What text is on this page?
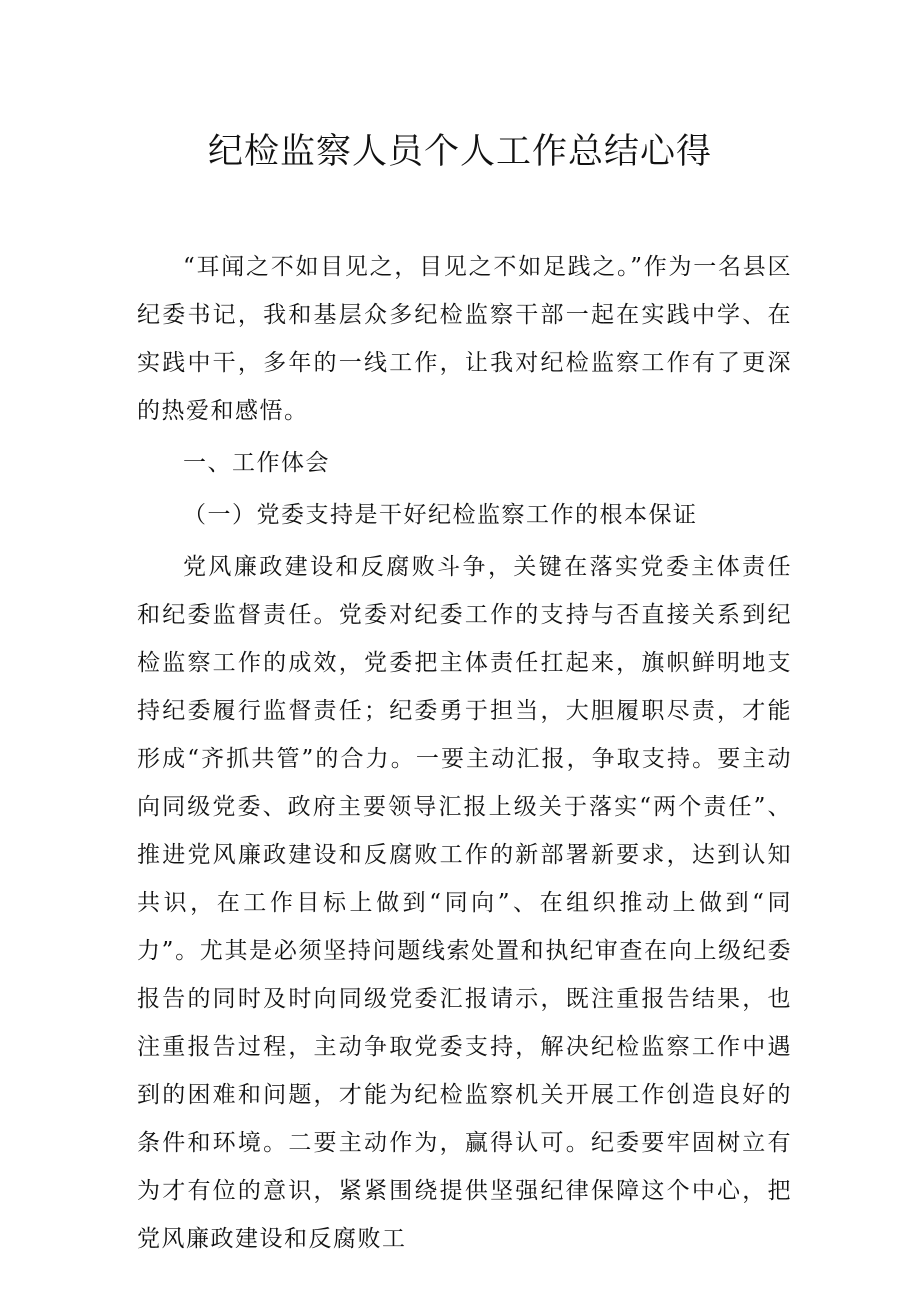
纪检监察人员个人工作总结心得

“耳闻之不如目见之，目见之不如足践之。”作为一名县区纪委书记，我和基层众多纪检监察干部一起在实践中学、在实践中干，多年的一线工作，让我对纪检监察工作有了更深的热爱和感悟。

一、工作体会

（一）党委支持是干好纪检监察工作的根本保证

党风廉政建设和反腐败斗争，关键在落实党委主体责任和纪委监督责任。党委对纪委工作的支持与否直接关系到纪检监察工作的成效，党委把主体责任扛起来，旗帜鲜明地支持纪委履行监督责任；纪委勇于担当，大胆履职尽责，才能形成“齐抓共管”的合力。一要主动汇报，争取支持。要主动向同级党委、政府主要领导汇报上级关于落实“两个责任”、推进党风廉政建设和反腐败工作的新部署新要求，达到认知共识，在工作目标上做到“同向”、在组织推动上做到“同力”。尤其是必须坚持问题线索处置和执纪审查在向上级纪委报告的同时及时向同级党委汇报请示，既注重报告结果，也注重报告过程，主动争取党委支持，解决纪检监察工作中遇到的困难和问题，才能为纪检监察机关开展工作创造良好的条件和环境。二要主动作为，赢得认可。纪委要牢固树立有为才有位的意识，紧紧围绕提供坚强纪律保障这个中心，把党风廉政建设和反腐败工
